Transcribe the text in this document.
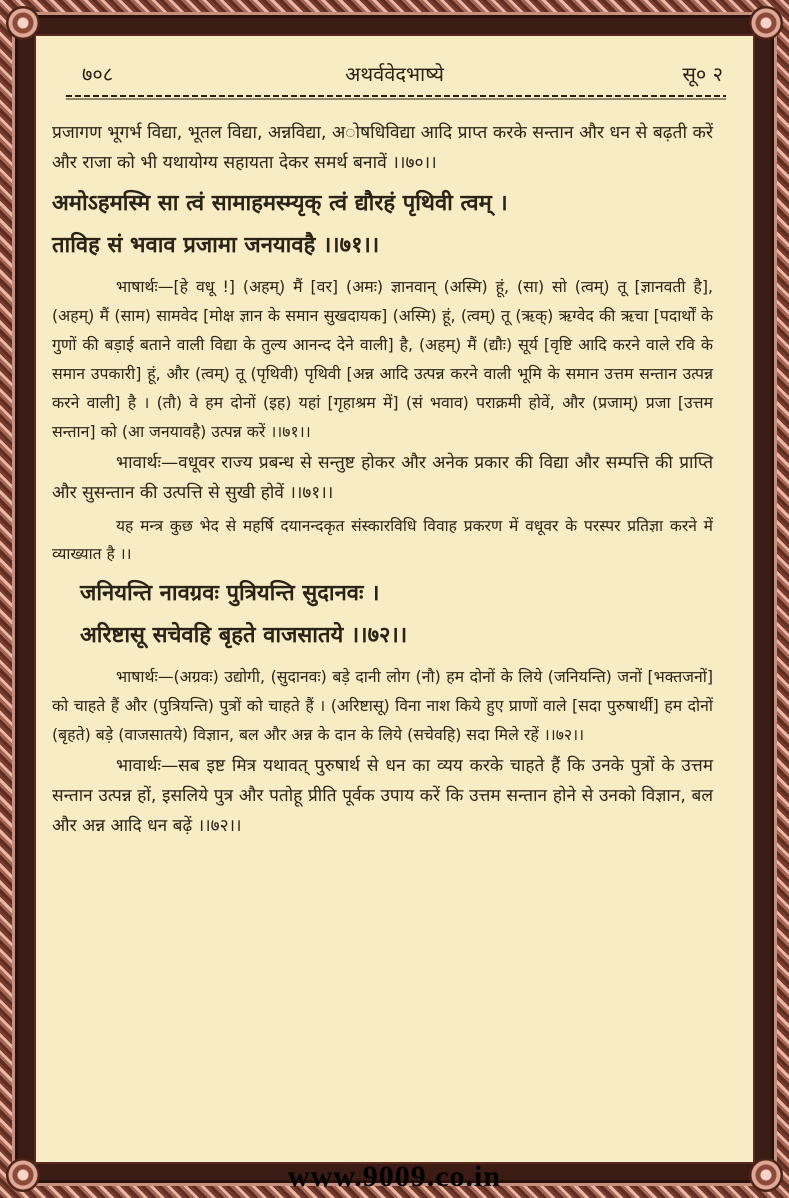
७०८	अथर्ववेदभाष्ये	सू० २

प्रजागण भूगर्भ विद्या, भूतल विद्या, अन्नविद्या, अोषधिविद्या आदि प्राप्त करके सन्तान और धन से बढ़ती करें और राजा को भी यथायोग्य सहायता देकर समर्थ बनावें ।।७०।।

अमोऽहमस्मि सा त्वं सामाहमस्म्यृक् त्वं द्यौरहं पृथिवी त्वम् ।

ताविह सं भवाव प्रजामा जनयावहै ।।७१।।

भाषार्थः—[हे वधू !] (अहम्) मैं [वर] (अमः) ज्ञानवान् (अस्मि) हूं, (सा) सो (त्वम्) तू [ज्ञानवती है], (अहम्) मैं (साम) सामवेद [मोक्ष ज्ञान के समान सुखदायक] (अस्मि) हूं, (त्वम्) तू (ऋक्) ऋग्वेद की ऋचा [पदार्थों के गुणों की बड़ाई बताने वाली विद्या के तुल्य आनन्द देने वाली] है, (अहम्) मैं (द्यौः) सूर्य [वृष्टि आदि करने वाले रवि के समान उपकारी] हूं, और (त्वम्) तू (पृथिवी) पृथिवी [अन्न आदि उत्पन्न करने वाली भूमि के समान उत्तम सन्तान उत्पन्न करने वाली] है । (तौ) वे हम दोनों (इह) यहां [गृहाश्रम में] (सं भवाव) पराक्रमी होवें, और (प्रजाम्) प्रजा [उत्तम सन्तान] को (आ जनयावहै) उत्पन्न करें ।।७१।।

भावार्थः—वधूवर राज्य प्रबन्ध से सन्तुष्ट होकर और अनेक प्रकार की विद्या और सम्पत्ति की प्राप्ति और सुसन्तान की उत्पत्ति से सुखी होवें ।।७१।।

यह मन्त्र कुछ भेद से महर्षि दयानन्दकृत संस्कारविधि विवाह प्रकरण में वधूवर के परस्पर प्रतिज्ञा करने में व्याख्यात है ।।

जनियन्ति नावग्रवः पुत्रियन्ति सुदानवः ।

अरिष्टासू सचेवहि बृहते वाजसातये ।।७२।।

भाषार्थः—(अग्रवः) उद्योगी, (सुदानवः) बड़े दानी लोग (नौ) हम दोनों के लिये (जनियन्ति) जनों [भक्तजनों] को चाहते हैं और (पुत्रियन्ति) पुत्रों को चाहते हैं । (अरिष्टासू) विना नाश किये हुए प्राणों वाले [सदा पुरुषार्थी] हम दोनों (बृहते) बड़े (वाजसातये) विज्ञान, बल और अन्न के दान के लिये (सचेवहि) सदा मिले रहें ।।७२।।

भावार्थः—सब इष्ट मित्र यथावत् पुरुषार्थ से धन का व्यय करके चाहते हैं कि उनके पुत्रों के उत्तम सन्तान उत्पन्न हों, इसलिये पुत्र और पतोहू प्रीति पूर्वक उपाय करें कि उत्तम सन्तान होने से उनको विज्ञान, बल और अन्न आदि धन बढ़ें ।।७२।।

www.9009.co.in
